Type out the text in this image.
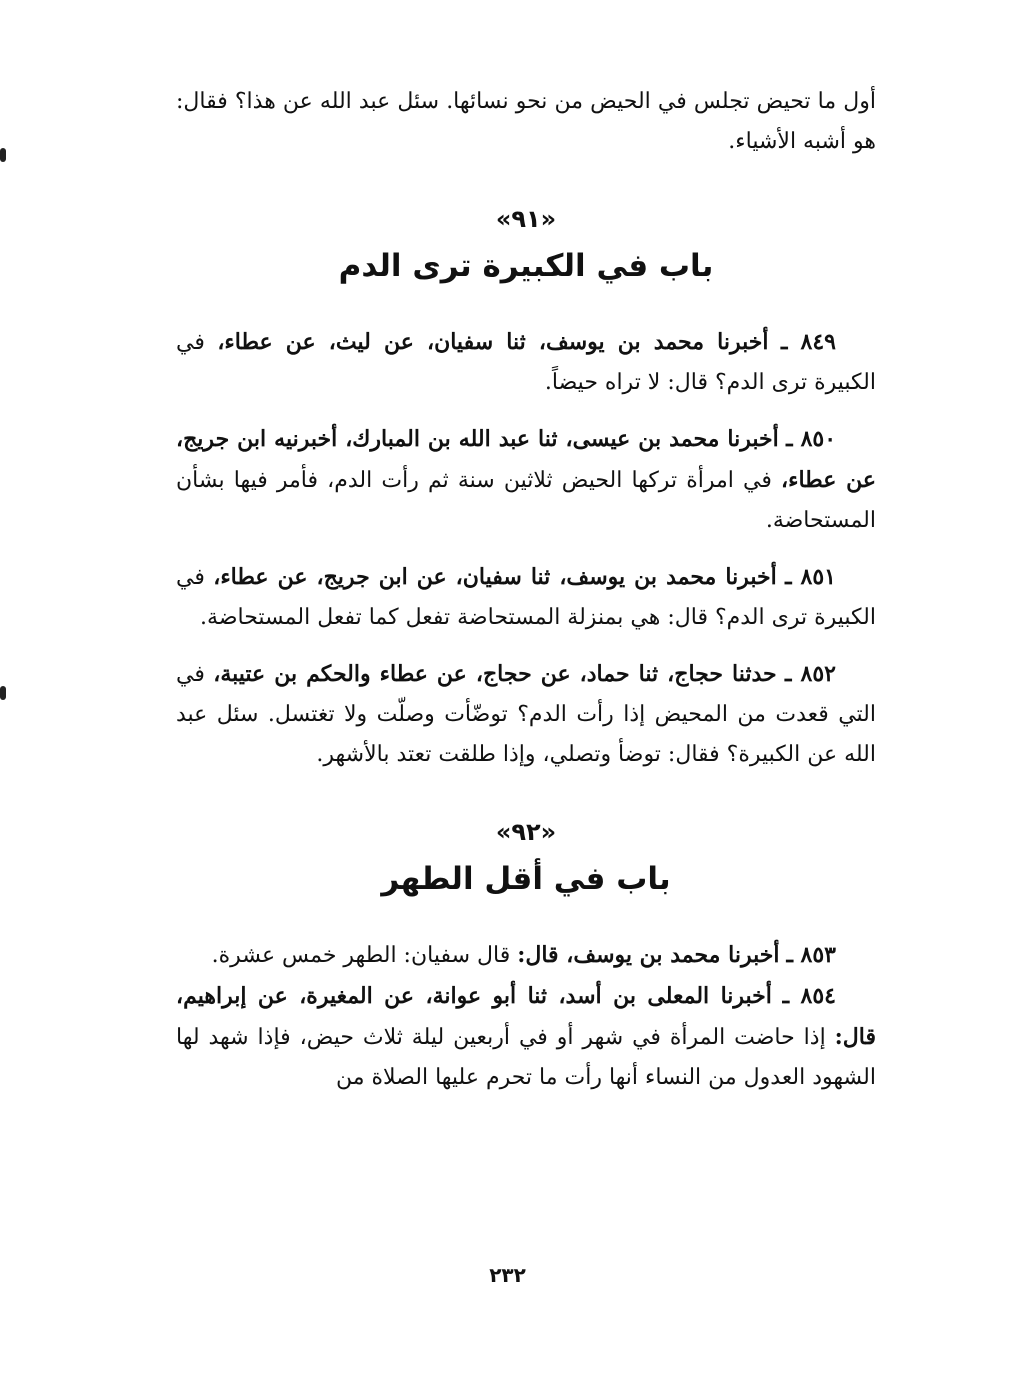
أول ما تحيض تجلس في الحيض من نحو نسائها. سئل عبد الله عن هذا؟ فقال: هو أشبه الأشياء.

«٩١»

باب في الكبيرة ترى الدم

٨٤٩ ـ أخبرنا محمد بن يوسف، ثنا سفيان، عن ليث، عن عطاء، في الكبيرة ترى الدم؟ قال: لا تراه حيضاً.

٨٥٠ ـ أخبرنا محمد بن عيسى، ثنا عبد الله بن المبارك، أخبرنيه ابن جريج، عن عطاء، في امرأة تركها الحيض ثلاثين سنة ثم رأت الدم، فأمر فيها بشأن المستحاضة.

٨٥١ ـ أخبرنا محمد بن يوسف، ثنا سفيان، عن ابن جريج، عن عطاء، في الكبيرة ترى الدم؟ قال: هي بمنزلة المستحاضة تفعل كما تفعل المستحاضة.

٨٥٢ ـ حدثنا حجاج، ثنا حماد، عن حجاج، عن عطاء والحكم بن عتيبة، في التي قعدت من المحيض إذا رأت الدم؟ توضّأت وصلّت ولا تغتسل. سئل عبد الله عن الكبيرة؟ فقال: توضأ وتصلي، وإذا طلقت تعتد بالأشهر.

«٩٢»

باب في أقل الطهر

٨٥٣ ـ أخبرنا محمد بن يوسف، قال: قال سفيان: الطهر خمس عشرة.

٨٥٤ ـ أخبرنا المعلى بن أسد، ثنا أبو عوانة، عن المغيرة، عن إبراهيم، قال: إذا حاضت المرأة في شهر أو في أربعين ليلة ثلاث حيض، فإذا شهد لها الشهود العدول من النساء أنها رأت ما تحرم عليها الصلاة من

٢٣٢
